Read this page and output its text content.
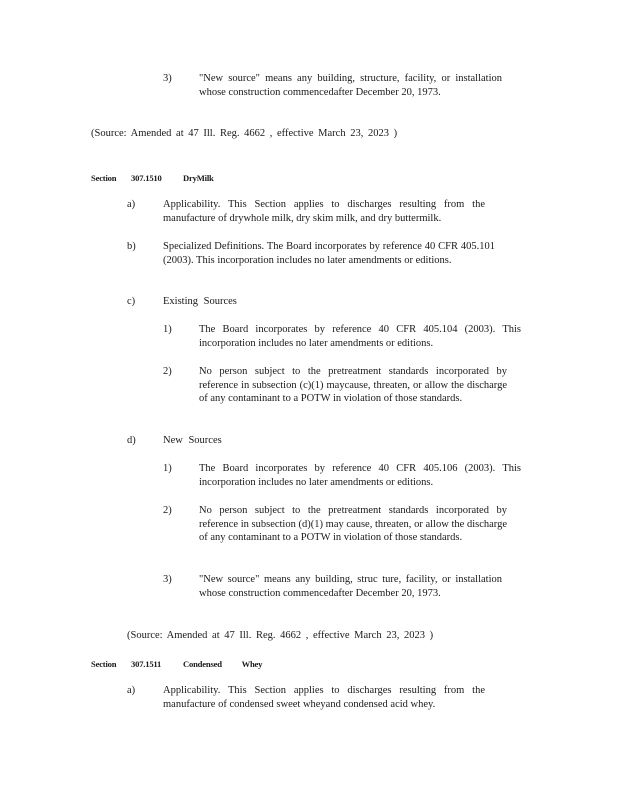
3)	"New source" means any building, structure, facility, or installation whose construction commencedafter December 20, 1973.
(Source: Amended at 47 Ill. Reg. 4662 , effective March 23, 2023 )
Section 307.1510 DryMilk
a)	Applicability. This Section applies to discharges resulting from the manufacture of drywhole milk, dry skim milk, and dry buttermilk.
b)	Specialized Definitions. The Board incorporates by reference 40 CFR 405.101 (2003). This incorporation includes no later amendments or editions.
c)	Existing Sources
1)	The Board incorporates by reference 40 CFR 405.104 (2003). This incorporation includes no later amendments or editions.
2)	No person subject to the pretreatment standards incorporated by reference in subsection (c)(1) maycause, threaten, or allow the discharge of any contaminant to a POTW in violation of those standards.
d)	New Sources
1)	The Board incorporates by reference 40 CFR 405.106 (2003). This incorporation includes no later amendments or editions.
2)	No person subject to the pretreatment standards incorporated by reference in subsection (d)(1) may cause, threaten, or allow the discharge of any contaminant to a POTW in violation of those standards.
3)	"New source" means any building, struc ture, facility, or installation whose construction commencedafter December 20, 1973.
(Source: Amended at 47 Ill. Reg. 4662 , effective March 23, 2023 )
Section 307.1511	Condensed Whey
a)	Applicability. This Section applies to discharges resulting from the manufacture of condensed sweet wheyand condensed acid whey.
